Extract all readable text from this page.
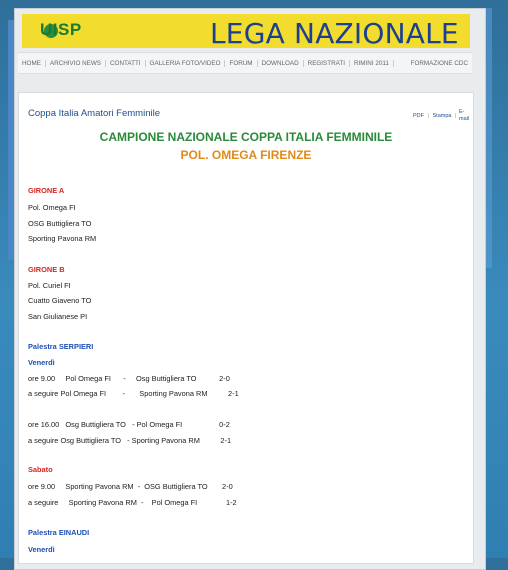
UISP	LEGA NAZIONALE
HOME	ARCHIVIO NEWS	CONTATTI	GALLERIA FOTO/VIDEO	FORUM	DOWNLOAD	REGISTRATI	RIMINI 2011	FORMAZIONE CDC
Coppa Italia Amatori Femminile	PDF | Stampa |
E-mail
CAMPIONE NAZIONALE COPPA ITALIA FEMMINILE
POL. OMEGA FIRENZE
GIRONE A
Pol. Omega FI
OSG Buttigliera TO
Sporting Pavona RM
GIRONE B
Pol. Curiel FI
Cuatto Giaveno TO
San Giulianese PI
Palestra SERPIERI
Venerdì
ore 9.00     Pol Omega FI      -     Osg Buttigliera TO           2-0
a seguire Pol Omega FI        -       Sporting Pavona RM          2-1
ore 16.00   Osg Buttigliera TO   - Pol Omega FI                  0-2
a seguire Osg Buttigliera TO   - Sporting Pavona RM          2-1
Sabato
ore 9.00     Sporting Pavona RM  -  OSG Buttigliera TO       2-0
a seguire     Sporting Pavona RM  -    Pol Omega FI              1-2
Palestra EINAUDI
Venerdì
